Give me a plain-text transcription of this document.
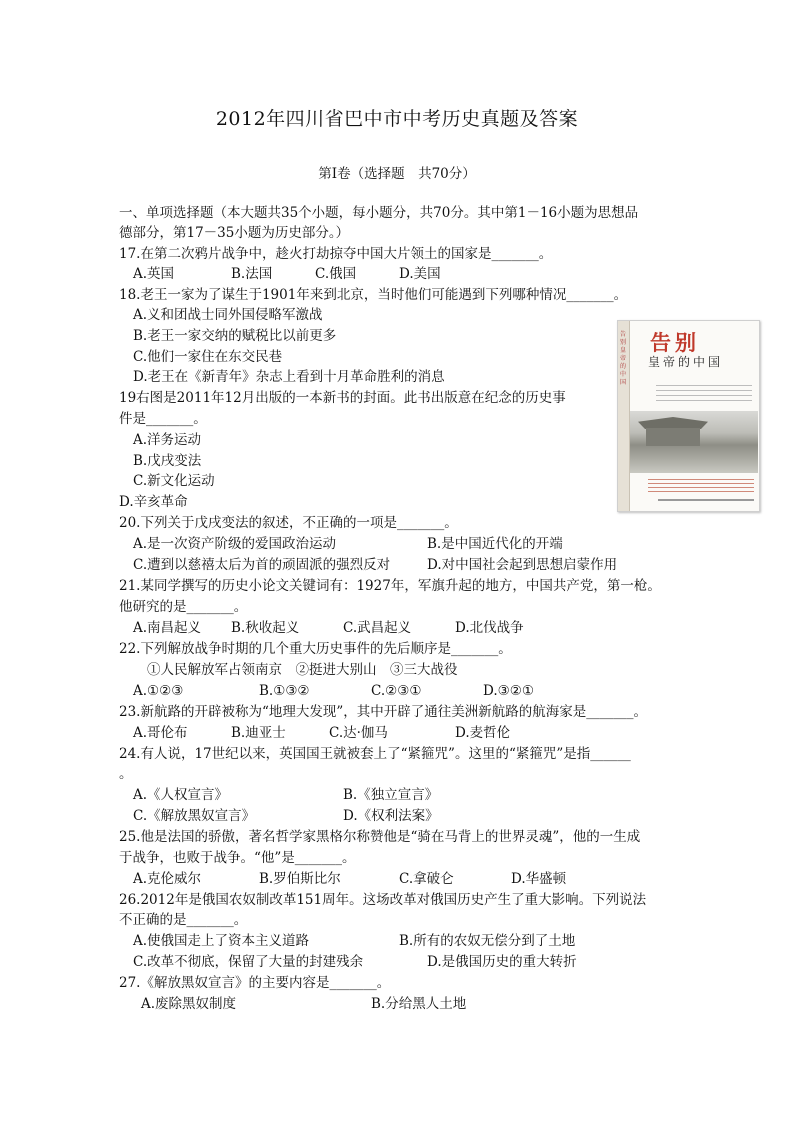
2012年四川省巴中市中考历史真题及答案
第Ⅰ卷（选择题　共70分）
一、单项选择题（本大题共35个小题，每小题分，共70分。其中第1－16小题为思想品
德部分，第17－35小题为历史部分。）
17.在第二次鸦片战争中，趁火打劫掠夺中国大片领土的国家是_______。
A.英国	B.法国	C.俄国	D.美国
18.老王一家为了谋生于1901年来到北京，当时他们可能遇到下列哪种情况_______。
A.义和团战士同外国侵略军激战
B.老王一家交纳的赋税比以前更多
C.他们一家住在东交民巷
D.老王在《新青年》杂志上看到十月革命胜利的消息
19右图是2011年12月出版的一本新书的封面。此书出版意在纪念的历史事
件是_______。
A.洋务运动
B.戊戌变法
C.新文化运动
D.辛亥革命
告别皇帝的中国
告别
皇帝的中国
20.下列关于戊戌变法的叙述，不正确的一项是_______。
A.是一次资产阶级的爱国政治运动	B.是中国近代化的开端
C.遭到以慈禧太后为首的顽固派的强烈反对	D.对中国社会起到思想启蒙作用
21.某同学撰写的历史小论文关键词有：1927年，军旗升起的地方，中国共产党，第一枪。
他研究的是_______。
A.南昌起义 B.秋收起义	C.武昌起义	D.北伐战争
22.下列解放战争时期的几个重大历史事件的先后顺序是_______。
①人民解放军占领南京　②挺进大别山　③三大战役
A.①②③	B.①③②	C.②③①	D.③②①
23.新航路的开辟被称为“地理大发现”，其中开辟了通往美洲新航路的航海家是_______。
A.哥伦布	B.迪亚士	C.达·伽马	D.麦哲伦
24.有人说，17世纪以来，英国国王就被套上了“紧箍咒”。这里的“紧箍咒”是指______
。
A.《人权宣言》	B.《独立宣言》
C.《解放黑奴宣言》	D.《权利法案》
25.他是法国的骄傲，著名哲学家黑格尔称赞他是“骑在马背上的世界灵魂”，他的一生成
于战争，也败于战争。“他”是_______。
A.克伦威尔	B.罗伯斯比尔	C.拿破仑	D.华盛顿
26.2012年是俄国农奴制改革151周年。这场改革对俄国历史产生了重大影响。下列说法
不正确的是_______。
A.使俄国走上了资本主义道路	B.所有的农奴无偿分到了土地
C.改革不彻底，保留了大量的封建残余	D.是俄国历史的重大转折
27.《解放黑奴宣言》的主要内容是_______。
A.废除黑奴制度	B.分给黑人土地
